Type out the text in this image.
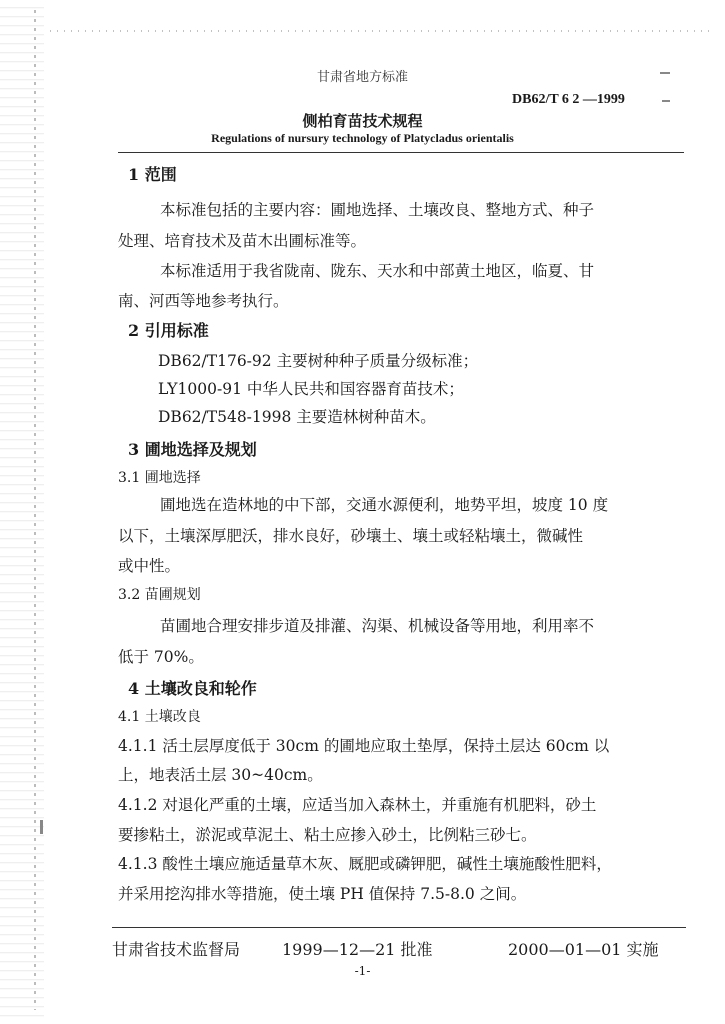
甘肃省地方标准
DB62/T 6 2 —1999
侧柏育苗技术规程
Regulations of nursury technology of Platycladus orientalis
1 范围
本标准包括的主要内容：圃地选择、土壤改良、整地方式、种子
处理、培育技术及苗木出圃标准等。
本标准适用于我省陇南、陇东、天水和中部黄土地区，临夏、甘
南、河西等地参考执行。
2 引用标准
DB62/T176-92 主要树种种子质量分级标准；
LY1000-91 中华人民共和国容器育苗技术；
DB62/T548-1998 主要造林树种苗木。
3 圃地选择及规划
3.1 圃地选择
圃地选在造林地的中下部，交通水源便利，地势平坦，坡度 10 度
以下，土壤深厚肥沃，排水良好，砂壤土、壤土或轻粘壤土，微碱性
或中性。
3.2 苗圃规划
苗圃地合理安排步道及排灌、沟渠、机械设备等用地，利用率不
低于 70%。
4 土壤改良和轮作
4.1 土壤改良
4.1.1 活土层厚度低于 30cm 的圃地应取土垫厚，保持土层达 60cm 以
上，地表活土层 30~40cm。
4.1.2 对退化严重的土壤，应适当加入森林土，并重施有机肥料，砂土
要掺粘土，淤泥或草泥土、粘土应掺入砂土，比例粘三砂七。
4.1.3 酸性土壤应施适量草木灰、厩肥或磷钾肥，碱性土壤施酸性肥料，
并采用挖沟排水等措施，使土壤 PH 值保持 7.5-8.0 之间。
甘肃省技术监督局	1999—12—21 批准	2000—01—01 实施
-1-
